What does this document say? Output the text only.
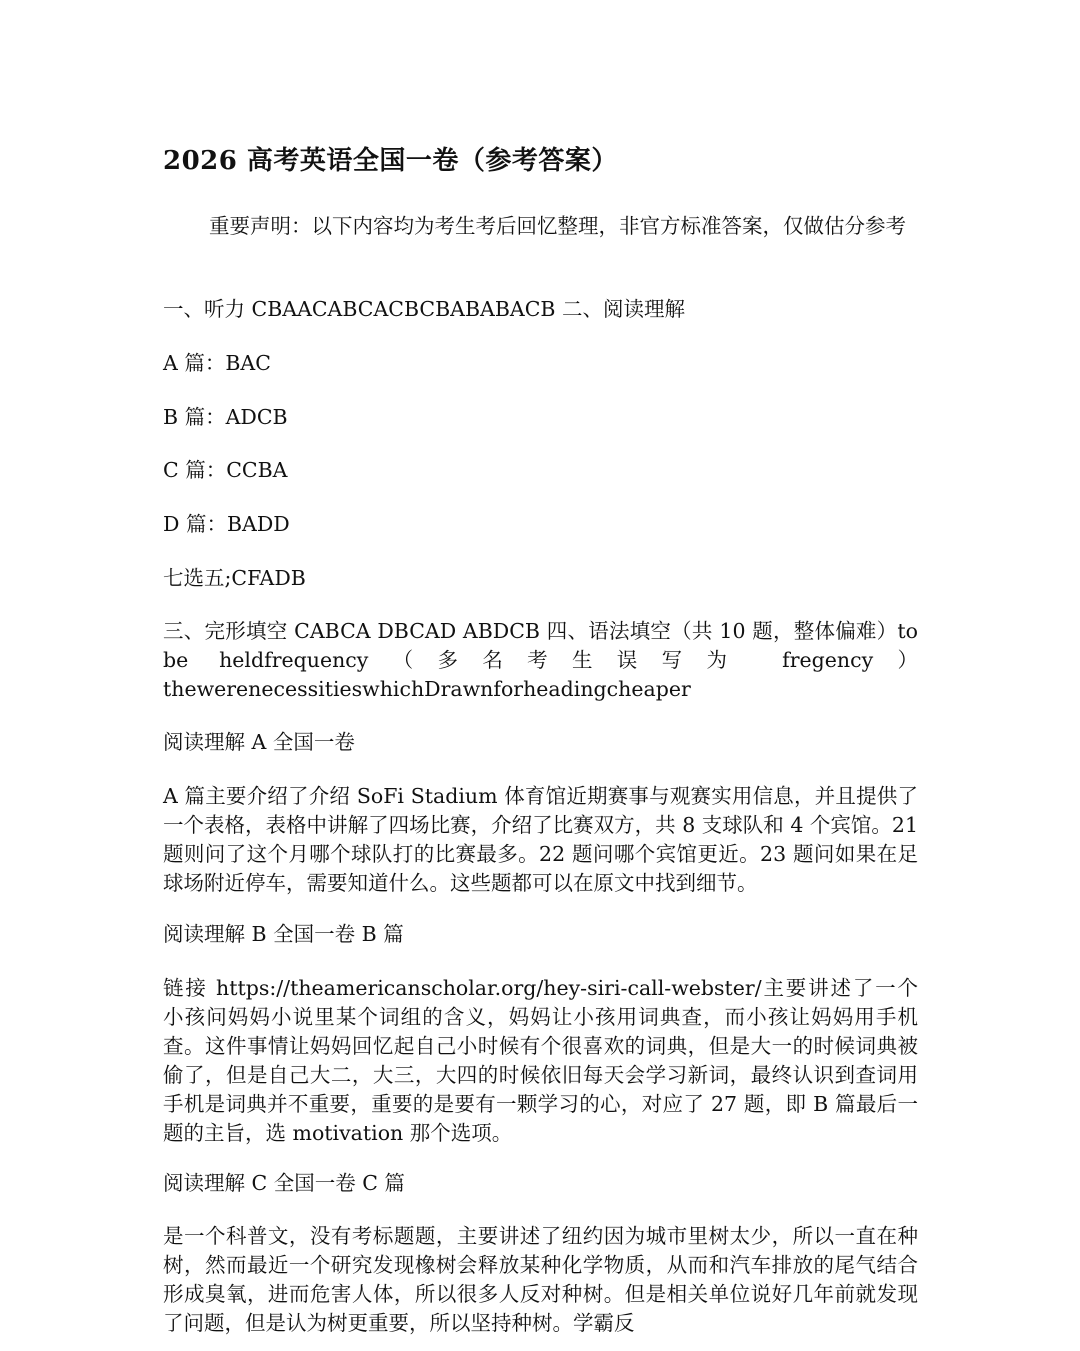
2026 高考英语全国一卷（参考答案）
重要声明：以下内容均为考生考后回忆整理，非官方标准答案，仅做估分参考
一、听力 CBAACABCACBCBABABACB 二、阅读理解
A 篇：BAC
B 篇：ADCB
C 篇：CCBA
D 篇：BADD
七选五;CFADB
三、完形填空 CABCA DBCAD ABDCB 四、语法填空（共 10 题，整体偏难）to be heldfrequency（多名考生误写为 fregency）thewerenecessitieswhichDrawnforheadingcheaper
阅读理解 A 全国一卷
A 篇主要介绍了介绍 SoFi Stadium 体育馆近期赛事与观赛实用信息，并且提供了一个表格，表格中讲解了四场比赛，介绍了比赛双方，共 8 支球队和 4 个宾馆。21 题则问了这个月哪个球队打的比赛最多。22 题问哪个宾馆更近。23 题问如果在足球场附近停车，需要知道什么。这些题都可以在原文中找到细节。
阅读理解 B 全国一卷 B 篇
链接 https://theamericanscholar.org/hey-siri-call-webster/主要讲述了一个小孩问妈妈小说里某个词组的含义，妈妈让小孩用词典查，而小孩让妈妈用手机查。这件事情让妈妈回忆起自己小时候有个很喜欢的词典，但是大一的时候词典被偷了，但是自己大二，大三，大四的时候依旧每天会学习新词，最终认识到查词用手机是词典并不重要，重要的是要有一颗学习的心，对应了 27 题，即 B 篇最后一题的主旨，选 motivation 那个选项。
阅读理解 C 全国一卷 C 篇
是一个科普文，没有考标题题，主要讲述了纽约因为城市里树太少，所以一直在种树，然而最近一个研究发现橡树会释放某种化学物质，从而和汽车排放的尾气结合形成臭氧，进而危害人体，所以很多人反对种树。但是相关单位说好几年前就发现了问题，但是认为树更重要，所以坚持种树。学霸反
